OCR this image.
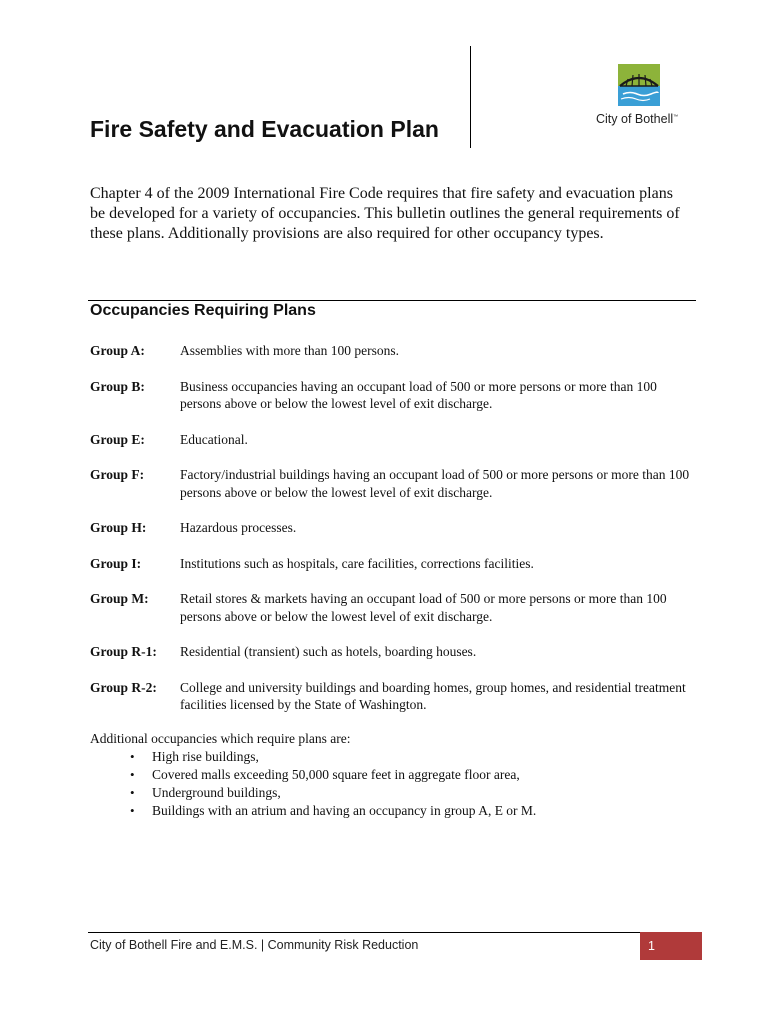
Fire Safety and Evacuation Plan	City of Bothell™

Chapter 4 of the 2009 International Fire Code requires that fire safety and evacuation plans be developed for a variety of occupancies. This bulletin outlines the general requirements of these plans. Additionally provisions are also required for other occupancy types.

Occupancies Requiring Plans
Group A:	Assemblies with more than 100 persons.
Group B:	Business occupancies having an occupant load of 500 or more persons or more than 100 persons above or below the lowest level of exit discharge.
Group E:	Educational.
Group F:	Factory/industrial buildings having an occupant load of 500 or more persons or more than 100 persons above or below the lowest level of exit discharge.
Group H:	Hazardous processes.
Group I:	Institutions such as hospitals, care facilities, corrections facilities.
Group M:	Retail stores & markets having an occupant load of 500 or more persons or more than 100 persons above or below the lowest level of exit discharge.
Group R-1:	Residential (transient) such as hotels, boarding houses.
Group R-2:	College and university buildings and boarding homes, group homes, and residential treatment facilities licensed by the State of Washington.

Additional occupancies which require plans are:

• High rise buildings,
• Covered malls exceeding 50,000 square feet in aggregate floor area,
• Underground buildings,
• Buildings with an atrium and having an occupancy in group A, E or M.
City of Bothell Fire and E.M.S. | Community Risk Reduction	1
